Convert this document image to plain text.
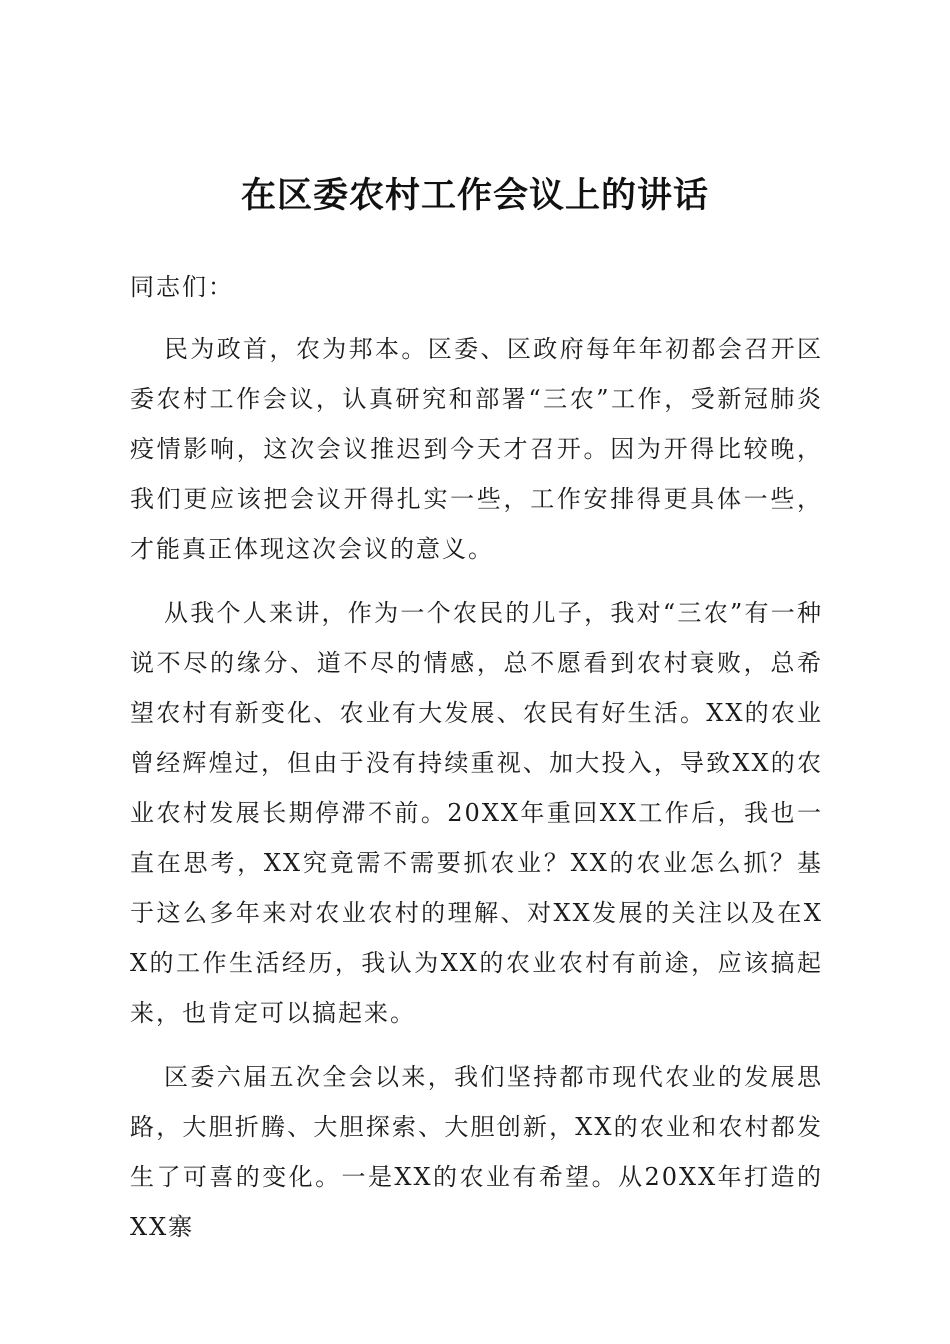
在区委农村工作会议上的讲话

同志们：

民为政首，农为邦本。区委、区政府每年年初都会召开区委农村工作会议，认真研究和部署“三农”工作，受新冠肺炎疫情影响，这次会议推迟到今天才召开。因为开得比较晚，我们更应该把会议开得扎实一些，工作安排得更具体一些，才能真正体现这次会议的意义。

从我个人来讲，作为一个农民的儿子，我对“三农”有一种说不尽的缘分、道不尽的情感，总不愿看到农村衰败，总希望农村有新变化、农业有大发展、农民有好生活。XX的农业曾经辉煌过，但由于没有持续重视、加大投入，导致XX的农业农村发展长期停滞不前。20XX年重回XX工作后，我也一直在思考，XX究竟需不需要抓农业？XX的农业怎么抓？基于这么多年来对农业农村的理解、对XX发展的关注以及在XX的工作生活经历，我认为XX的农业农村有前途，应该搞起来，也肯定可以搞起来。

区委六届五次全会以来，我们坚持都市现代农业的发展思路，大胆折腾、大胆探索、大胆创新，XX的农业和农村都发生了可喜的变化。一是XX的农业有希望。从20XX年打造的XX寨
